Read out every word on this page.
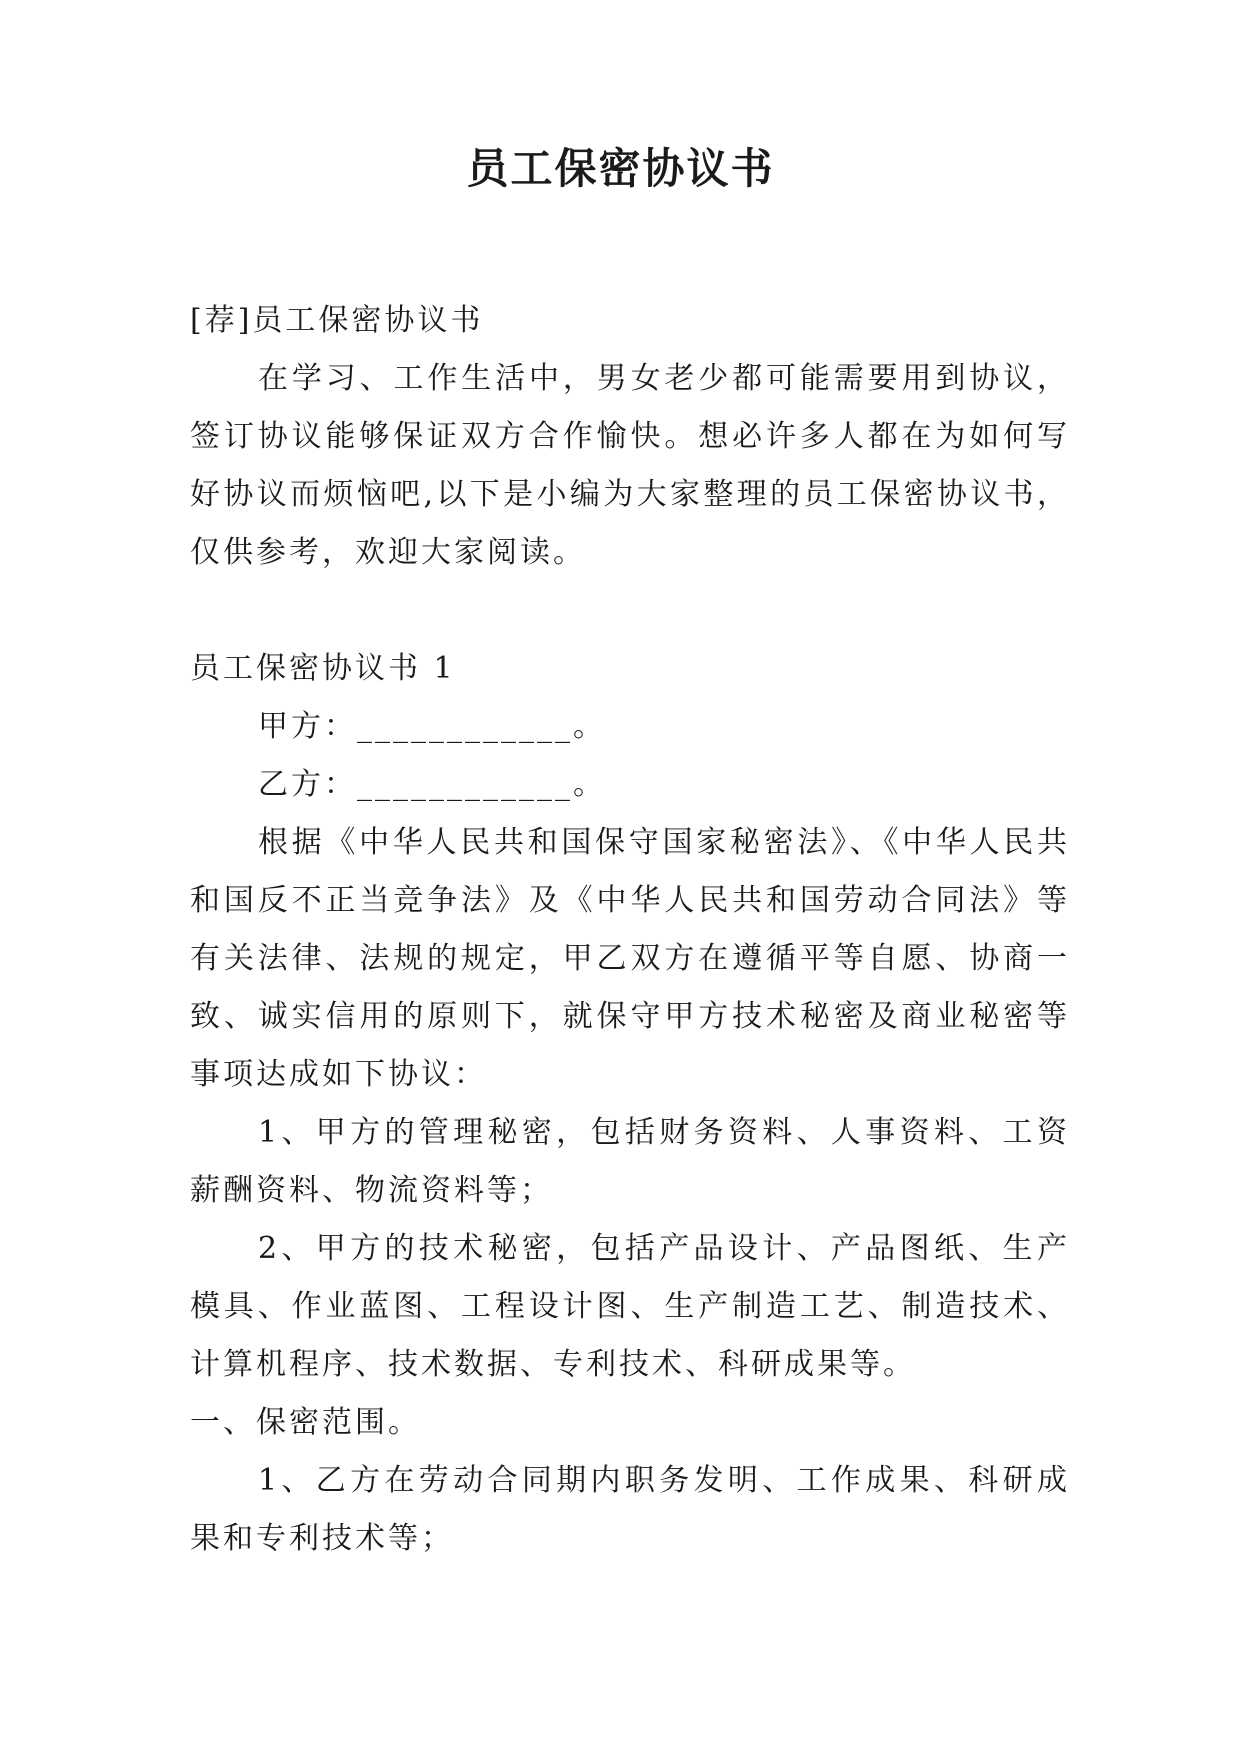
员工保密协议书

[荐]员工保密协议书

在学习、工作生活中，男女老少都可能需要用到协议，

签订协议能够保证双方合作愉快。想必许多人都在为如何写

好协议而烦恼吧,以下是小编为大家整理的员工保密协议书，

仅供参考，欢迎大家阅读。

员工保密协议书 1

甲方：____________。

乙方：____________。

根据《中华人民共和国保守国家秘密法》、《中华人民共

和国反不正当竞争法》及《中华人民共和国劳动合同法》等

有关法律、法规的规定，甲乙双方在遵循平等自愿、协商一

致、诚实信用的原则下，就保守甲方技术秘密及商业秘密等

事项达成如下协议：

1、甲方的管理秘密，包括财务资料、人事资料、工资

薪酬资料、物流资料等；

2、甲方的技术秘密，包括产品设计、产品图纸、生产

模具、作业蓝图、工程设计图、生产制造工艺、制造技术、

计算机程序、技术数据、专利技术、科研成果等。

一、保密范围。

1、乙方在劳动合同期内职务发明、工作成果、科研成

果和专利技术等；
